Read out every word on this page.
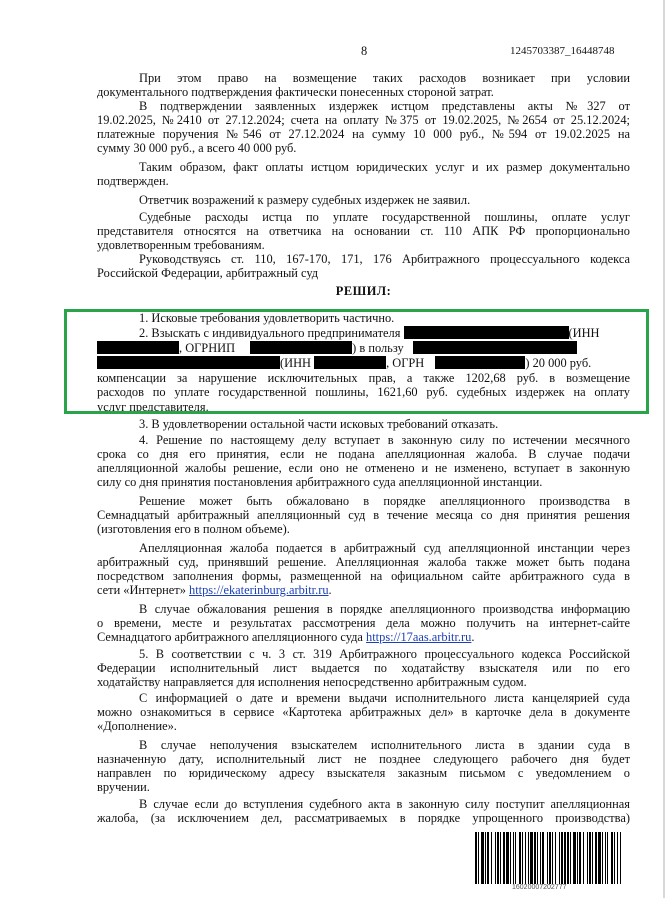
8	1245703387_16448748
При этом право на возмещение таких расходов возникает при условии
документального подтверждения фактически понесенных стороной затрат.
В подтверждении заявленных издержек истцом представлены акты №327 от
19.02.2025, №2410 от 27.12.2024; счета на оплату №375 от 19.02.2025, №2654 от 25.12.2024;
платежные поручения №546 от 27.12.2024 на сумму 10 000 руб., №594 от 19.02.2025 на
сумму 30 000 руб., а всего 40 000 руб.
Таким образом, факт оплаты истцом юридических услуг и их размер документально
подтвержден.
Ответчик возражений к размеру судебных издержек не заявил.
Судебные расходы истца по уплате государственной пошлины, оплате услуг
представителя относятся на ответчика на основании ст. 110 АПК РФ пропорционально
удовлетворенным требованиям.
Руководствуясь ст. 110, 167-170, 171, 176 Арбитражного процессуального кодекса
Российской Федерации, арбитражный суд
РЕШИЛ:
1. Исковые требования удовлетворить частично.
2. Взыскать с индивидуального предпринимателя	(ИНН
, ОГРНИП	) в пользу
(ИНН	, ОГРН	) 20 000 руб.
компенсации за нарушение исключительных прав, а также 1202,68 руб. в возмещение
расходов по уплате государственной пошлины, 1621,60 руб. судебных издержек на оплату
услуг представителя.
3. В удовлетворении остальной части исковых требований отказать.
4. Решение по настоящему делу вступает в законную силу по истечении месячного
срока со дня его принятия, если не подана апелляционная жалоба. В случае подачи
апелляционной жалобы решение, если оно не отменено и не изменено, вступает в законную
силу со дня принятия постановления арбитражного суда апелляционной инстанции.
Решение может быть обжаловано в порядке апелляционного производства в
Семнадцатый арбитражный апелляционный суд в течение месяца со дня принятия решения
(изготовления его в полном объеме).
Апелляционная жалоба подается в арбитражный суд апелляционной инстанции через
арбитражный суд, принявший решение. Апелляционная жалоба также может быть подана
посредством заполнения формы, размещенной на официальном сайте арбитражного суда в
сети «Интернет» https://ekaterinburg.arbitr.ru.
В случае обжалования решения в порядке апелляционного производства информацию
о времени, месте и результатах рассмотрения дела можно получить на интернет-сайте
Семнадцатого арбитражного апелляционного суда https://17aas.arbitr.ru.
5. В соответствии с ч. 3 ст. 319 Арбитражного процессуального кодекса Российской
Федерации исполнительный лист выдается по ходатайству взыскателя или по его
ходатайству направляется для исполнения непосредственно арбитражным судом.
С информацией о дате и времени выдачи исполнительного листа канцелярией суда
можно ознакомиться в сервисе «Картотека арбитражных дел» в карточке дела в документе
«Дополнение».
В случае неполучения взыскателем исполнительного листа в здании суда в
назначенную дату, исполнительный лист не позднее следующего рабочего дня будет
направлен по юридическому адресу взыскателя заказным письмом с уведомлением о
вручении.
В случае если до вступления судебного акта в законную силу поступит апелляционная
жалоба, (за исключением дел, рассматриваемых в порядке упрощенного производства)
16020007202777
